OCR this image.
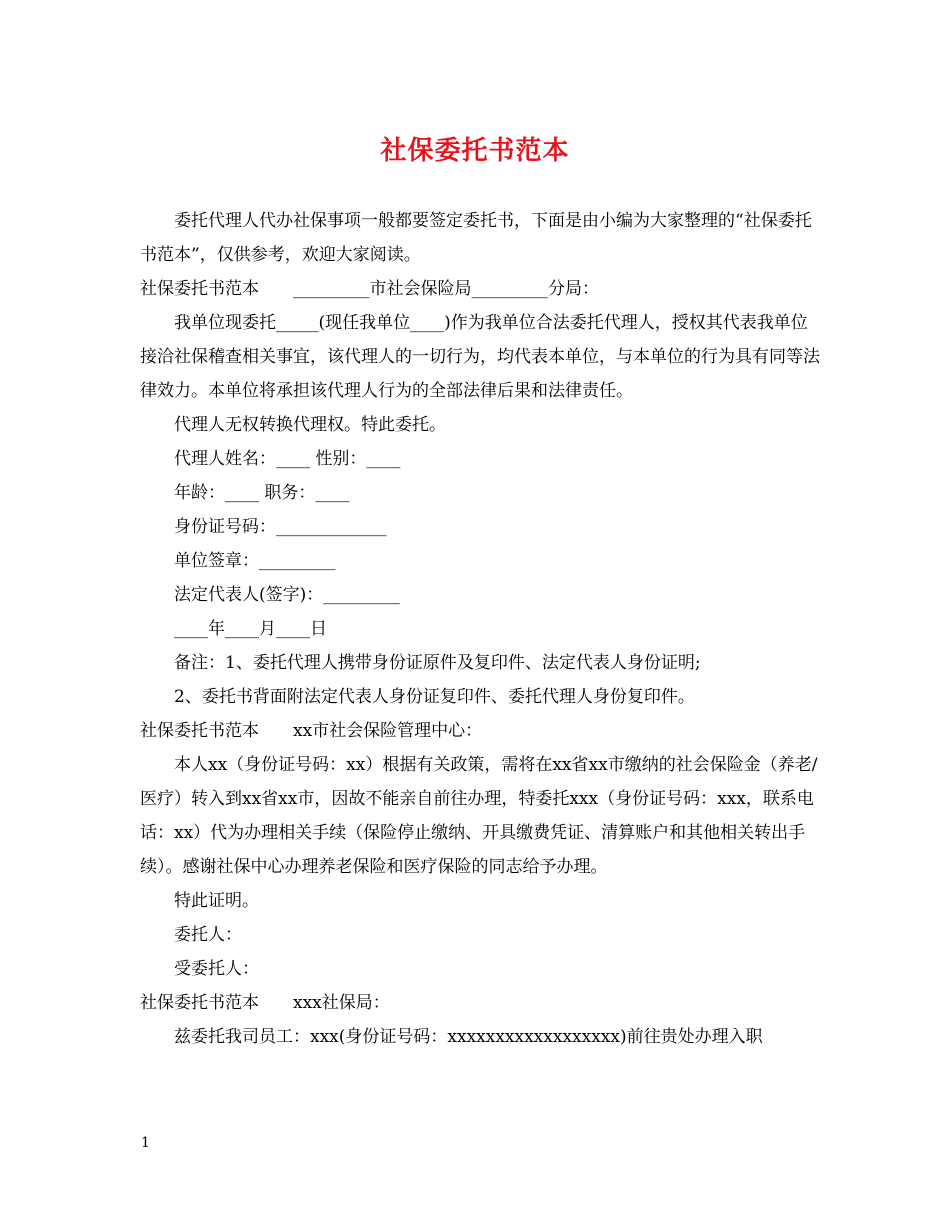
社保委托书范本

委托代理人代办社保事项一般都要签定委托书，下面是由小编为大家整理的“社保委托书范本”，仅供参考，欢迎大家阅读。

社保委托书范本　　_________市社会保险局_________分局：

我单位现委托_____(现任我单位____)作为我单位合法委托代理人，授权其代表我单位接洽社保稽查相关事宜，该代理人的一切行为，均代表本单位，与本单位的行为具有同等法律效力。本单位将承担该代理人行为的全部法律后果和法律责任。

代理人无权转换代理权。特此委托。

代理人姓名：____ 性别：____

年龄：____ 职务：____

身份证号码：_____________

单位签章：_________

法定代表人(签字)：_________

____年____月____日

备注：1、委托代理人携带身份证原件及复印件、法定代表人身份证明;

2、委托书背面附法定代表人身份证复印件、委托代理人身份复印件。

社保委托书范本　　xx市社会保险管理中心：

本人xx（身份证号码：xx）根据有关政策，需将在xx省xx市缴纳的社会保险金（养老/医疗）转入到xx省xx市，因故不能亲自前往办理，特委托xxx（身份证号码：xxx，联系电话：xx）代为办理相关手续（保险停止缴纳、开具缴费凭证、清算账户和其他相关转出手续）。感谢社保中心办理养老保险和医疗保险的同志给予办理。

特此证明。

委托人：

受委托人：

社保委托书范本　　xxx社保局：

兹委托我司员工：xxx(身份证号码：xxxxxxxxxxxxxxxxxx)前往贵处办理入职

1
